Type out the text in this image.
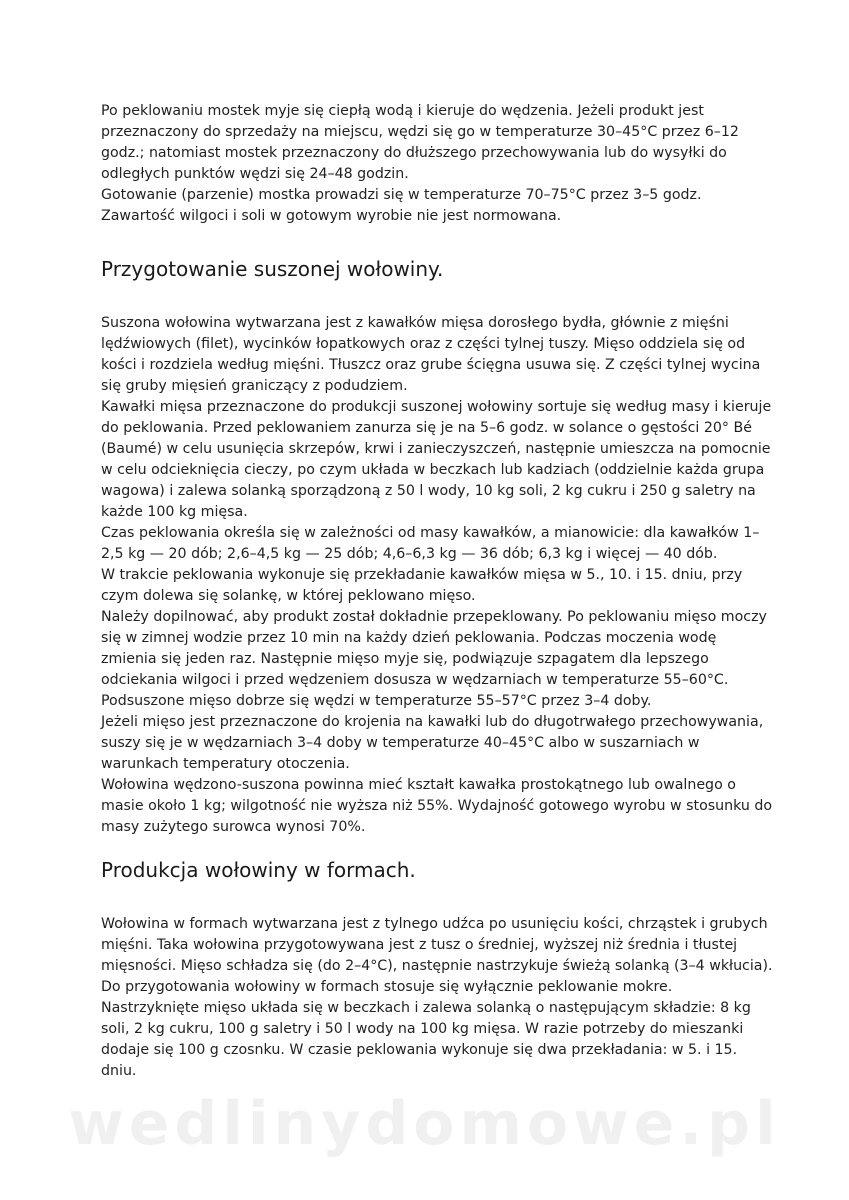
Po peklowaniu mostek myje się ciepłą wodą i kieruje do wędzenia. Jeżeli produkt jest przeznaczony do sprzedaży na miejscu, wędzi się go w temperaturze 30–45°C przez 6–12 godz.; natomiast mostek przeznaczony do dłuższego przechowywania lub do wysyłki do odległych punktów wędzi się 24–48 godzin.

Gotowanie (parzenie) mostka prowadzi się w temperaturze 70–75°C przez 3–5 godz. Zawartość wilgoci i soli w gotowym wyrobie nie jest normowana.

Przygotowanie suszonej wołowiny.

Suszona wołowina wytwarzana jest z kawałków mięsa dorosłego bydła, głównie z mięśni lędźwiowych (filet), wycinków łopatkowych oraz z części tylnej tuszy. Mięso oddziela się od kości i rozdziela według mięśni. Tłuszcz oraz grube ścięgna usuwa się. Z części tylnej wycina się gruby mięsień graniczący z podudziem.

Kawałki mięsa przeznaczone do produkcji suszonej wołowiny sortuje się według masy i kieruje do peklowania. Przed peklowaniem zanurza się je na 5–6 godz. w solance o gęstości 20° Bé (Baumé) w celu usunięcia skrzepów, krwi i zanieczyszczeń, następnie umieszcza na pomocnie w celu odcieknięcia cieczy, po czym układa w beczkach lub kadziach (oddzielnie każda grupa wagowa) i zalewa solanką sporządzoną z 50 l wody, 10 kg soli, 2 kg cukru i 250 g saletry na każde 100 kg mięsa.

Czas peklowania określa się w zależności od masy kawałków, a mianowicie: dla kawałków 1–2,5 kg — 20 dób; 2,6–4,5 kg — 25 dób; 4,6–6,3 kg — 36 dób; 6,3 kg i więcej — 40 dób.

W trakcie peklowania wykonuje się przekładanie kawałków mięsa w 5., 10. i 15. dniu, przy czym dolewa się solankę, w której peklowano mięso.

Należy dopilnować, aby produkt został dokładnie przepeklowany. Po peklowaniu mięso moczy się w zimnej wodzie przez 10 min na każdy dzień peklowania. Podczas moczenia wodę zmienia się jeden raz. Następnie mięso myje się, podwiązuje szpagatem dla lepszego odciekania wilgoci i przed wędzeniem dosusza w wędzarniach w temperaturze 55–60°C. Podsuszone mięso dobrze się wędzi w temperaturze 55–57°C przez 3–4 doby.

Jeżeli mięso jest przeznaczone do krojenia na kawałki lub do długotrwałego przechowywania, suszy się je w wędzarniach 3–4 doby w temperaturze 40–45°C albo w suszarniach w warunkach temperatury otoczenia.

Wołowina wędzono-suszona powinna mieć kształt kawałka prostokątnego lub owalnego o masie około 1 kg; wilgotność nie wyższa niż 55%. Wydajność gotowego wyrobu w stosunku do masy zużytego surowca wynosi 70%.

Produkcja wołowiny w formach.

Wołowina w formach wytwarzana jest z tylnego udźca po usunięciu kości, chrząstek i grubych mięśni. Taka wołowina przygotowywana jest z tusz o średniej, wyższej niż średnia i tłustej mięsności. Mięso schładza się (do 2–4°C), następnie nastrzykuje świeżą solanką (3–4 wkłucia).

Do przygotowania wołowiny w formach stosuje się wyłącznie peklowanie mokre. Nastrzyknięte mięso układa się w beczkach i zalewa solanką o następującym składzie: 8 kg soli, 2 kg cukru, 100 g saletry i 50 l wody na 100 kg mięsa. W razie potrzeby do mieszanki dodaje się 100 g czosnku. W czasie peklowania wykonuje się dwa przekładania: w 5. i 15. dniu.

wedlinydomowe.pl
